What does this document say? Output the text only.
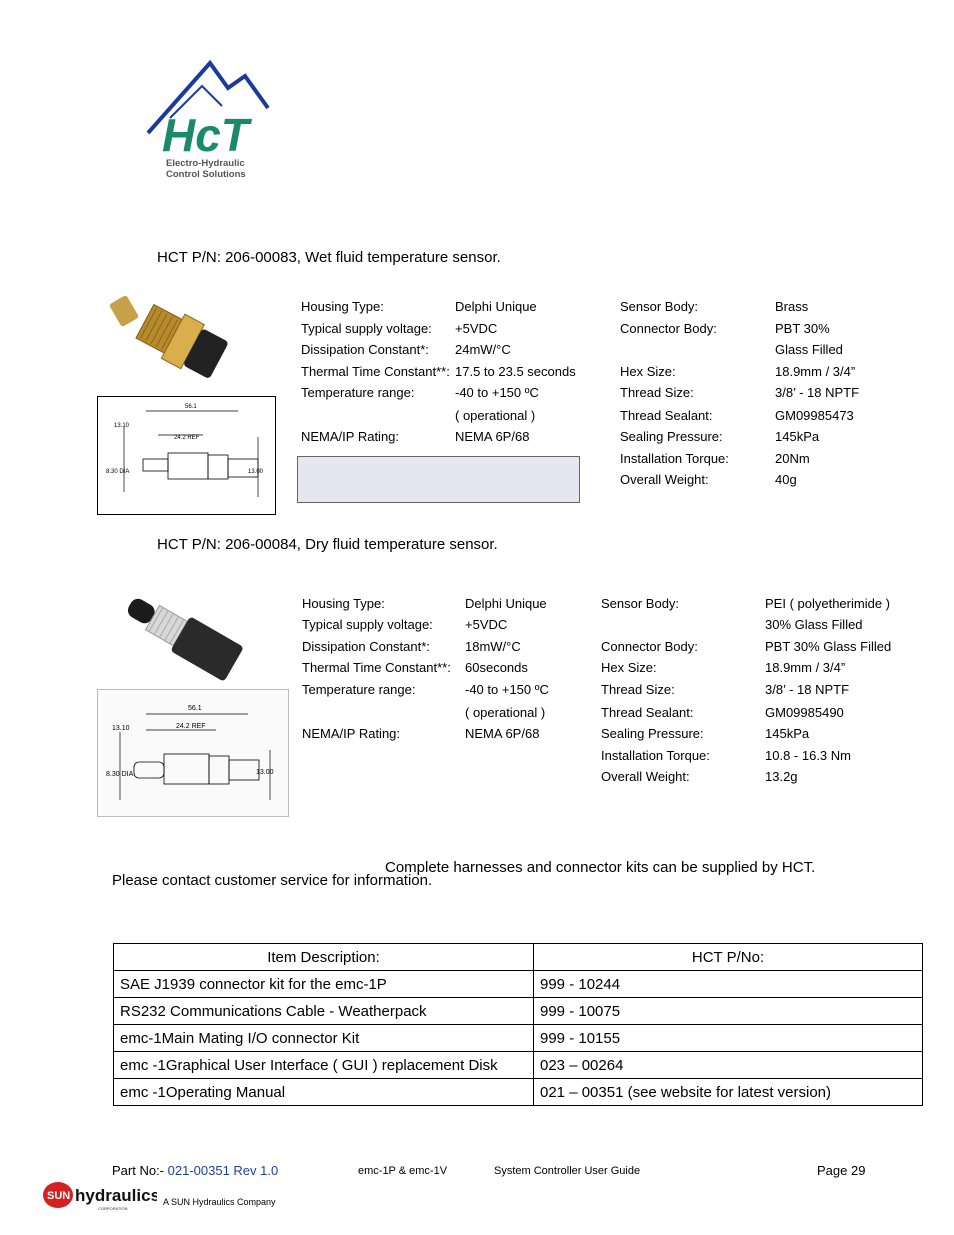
HcT
Electro-Hydraulic
Control Solutions
HCT P/N: 206-00083, Wet fluid temperature sensor.
56.1
24.2 REF
13.10
8.30 DIA	13.00
Housing Type:	Delphi Unique
Typical supply voltage: +5VDC
Dissipation Constant*: 24mW/°C
Thermal Time Constant**: 17.5 to 23.5 seconds
Temperature range:	-40 to +150 ºC
( operational )
NEMA/IP Rating:	NEMA 6P/68
Sensor Body:	Brass
Connector Body:	PBT 30%
Glass Filled
Hex Size:	18.9mm / 3/4”
Thread Size:	3/8’ - 18 NPTF
Thread Sealant:	GM09985473
Sealing Pressure:	145kPa
Installation Torque:	20Nm
Overall Weight:	40g
HCT P/N: 206-00084, Dry fluid temperature sensor.
56.1
24.2 REF
13.10
8.30 DIA	13.00
Housing Type:	Delphi Unique
Typical supply voltage: +5VDC
Dissipation Constant*:	18mW/°C
Thermal Time Constant**: 60seconds
Temperature range:	-40 to +150 ºC
( operational )
NEMA/IP Rating:	NEMA 6P/68
Sensor Body:	PEI ( polyetherimide )
30% Glass Filled
Connector Body:	PBT 30% Glass Filled
Hex Size:	18.9mm / 3/4”
Thread Size:	3/8’ - 18 NPTF
Thread Sealant:	GM09985490
Sealing Pressure:	145kPa
Installation Torque:	10.8 - 16.3 Nm
Overall Weight:	13.2g
Complete harnesses and connector kits can be supplied by HCT.
Please contact customer service for information.
Item Description:	HCT P/No:
SAE J1939 connector kit for the emc-1P	999 - 10244
RS232 Communications Cable - Weatherpack	999 - 10075
emc-1Main Mating I/O connector Kit	999 - 10155
emc -1Graphical User Interface ( GUI ) replacement Disk	023 – 00264
emc -1Operating Manual	021 – 00351 (see website for latest version)
Part No:- 021-00351 Rev 1.0	emc-1P & emc-1V	System Controller User Guide	Page 29
SUN hydraulics
CORPORATION
A SUN Hydraulics Company
